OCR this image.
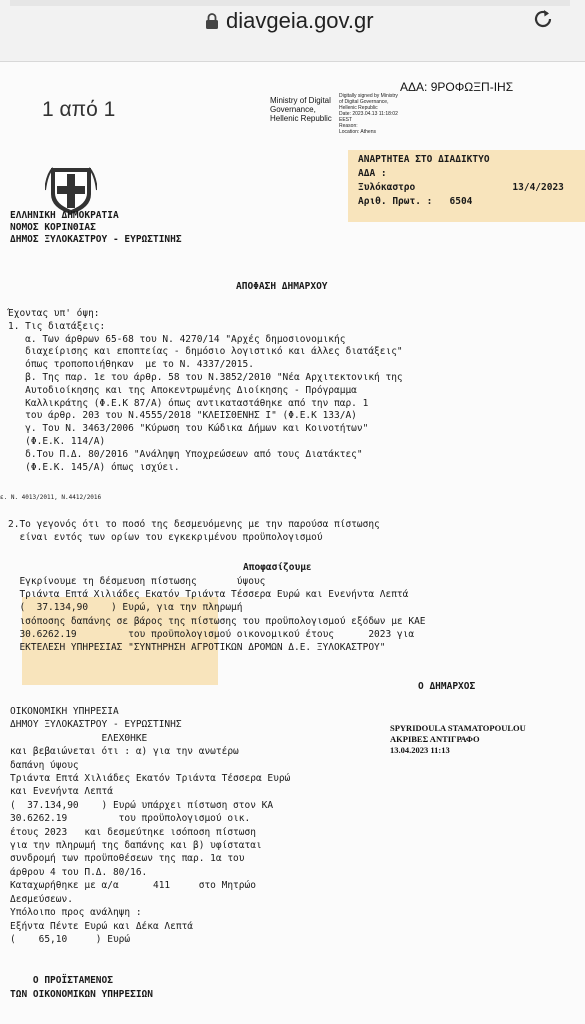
diavgeia.gov.gr
1 από 1
ΑΔΑ: 9ΡΟΦΩΞΠ-ΙΗΣ
Ministry of Digital
Governance,
Hellenic Republic
Digitally signed by Ministry
of Digital Governance,
Hellenic Republic
Date: 2023.04.13 11:18:02
EEST
Reason:
Location: Athens
ΑΝΑΡΤΗΤΕΑ ΣΤΟ ΔΙΑΔΙΚΤΥΟ
ΑΔΑ :
Ξυλόκαστρο                 13/4/2023
Αριθ. Πρωτ. :   6504
ΕΛΛΗΝΙΚΗ ΔΗΜΟΚΡΑΤΙΑ
ΝΟΜΟΣ ΚΟΡΙΝΘΙΑΣ
ΔΗΜΟΣ ΞΥΛΟΚΑΣΤΡΟΥ - ΕΥΡΩΣΤΙΝΗΣ
ΑΠΟΦΑΣΗ ΔΗΜΑΡΧΟΥ
Έχοντας υπ' όψη:
1. Τις διατάξεις:
α. Των άρθρων 65-68 του Ν. 4270/14 "Αρχές δημοσιονομικής
διαχείρισης και εποπτείας - δημόσιο λογιστικό και άλλες διατάξεις"
όπως τροποποιήθηκαν  με το Ν. 4337/2015.
β. Της παρ. 1ε του άρθρ. 58 του Ν.3852/2010 "Νέα Αρχιτεκτονική της
Αυτοδιοίκησης και της Αποκεντρωμένης Διοίκησης - Πρόγραμμα
Καλλικράτης (Φ.Ε.Κ 87/Α) όπως αντικαταστάθηκε από την παρ. 1
του άρθρ. 203 του Ν.4555/2018 "ΚΛΕΙΣΘΕΝΗΣ Ι" (Φ.Ε.Κ 133/Α)
γ. Του Ν. 3463/2006 "Κύρωση του Κώδικα Δήμων και Κοινοτήτων"
(Φ.Ε.Κ. 114/Α)
δ.Του Π.Δ. 80/2016 "Ανάληψη Υποχρεώσεων από τους Διατάκτες"
(Φ.Ε.Κ. 145/Α) όπως ισχύει.
ε. Ν. 4013/2011, Ν.4412/2016
2.Το γεγονός ότι το ποσό της δεσμευόμενης με την παρούσα πίστωσης
είναι εντός των ορίων του εγκεκριμένου προϋπολογισμού
Αποφασίζουμε
Εγκρίνουμε τη δέσμευση πίστωσης       ύψους
Τριάντα Επτά Χιλιάδες Εκατόν Τριάντα Τέσσερα Ευρώ και Ενενήντα Λεπτά
(  37.134,90    ) Ευρώ, για την πληρωμή
ισόποσης δαπάνης σε βάρος της πίστωσης του προϋπολογισμού εξόδων με ΚΑΕ
30.6262.19         του προϋπολογισμού οικονομικού έτους      2023 για
ΕΚΤΕΛΕΣΗ ΥΠΗΡΕΣΙΑΣ "ΣΥΝΤΗΡΗΣΗ ΑΓΡΟΤΙΚΩΝ ΔΡΟΜΩΝ Δ.Ε. ΞΥΛΟΚΑΣΤΡΟΥ"
Ο ΔΗΜΑΡΧΟΣ
ΟΙΚΟΝΟΜΙΚΗ ΥΠΗΡΕΣΙΑ
ΔΗΜΟΥ ΞΥΛΟΚΑΣΤΡΟΥ - ΕΥΡΩΣΤΙΝΗΣ
ΕΛΕΧΘΗΚΕ
και βεβαιώνεται ότι : α) για την ανωτέρω
δαπάνη ύψους
Τριάντα Επτά Χιλιάδες Εκατόν Τριάντα Τέσσερα Ευρώ
και Ενενήντα Λεπτά
(  37.134,90    ) Ευρώ υπάρχει πίστωση στον ΚΑ
30.6262.19         του προϋπολογισμού οικ.
έτους 2023   και δεσμεύτηκε ισόποση πίστωση
για την πληρωμή της δαπάνης και β) υφίσταται
συνδρομή των προϋποθέσεων της παρ. 1α του
άρθρου 4 του Π.Δ. 80/16.
Καταχωρήθηκε με α/α      411     στο Μητρώο
Δεσμεύσεων.
Υπόλοιπο προς ανάληψη :
Εξήντα Πέντε Ευρώ και Δέκα Λεπτά
(    65,10     ) Ευρώ
SPYRIDOULA STAMATOPOULOU
ΑΚΡΙΒΕΣ ΑΝΤΙΓΡΑΦΟ
13.04.2023 11:13
Ο ΠΡΟΪΣΤΑΜΕΝΟΣ
ΤΩΝ ΟΙΚΟΝΟΜΙΚΩΝ ΥΠΗΡΕΣΙΩΝ
